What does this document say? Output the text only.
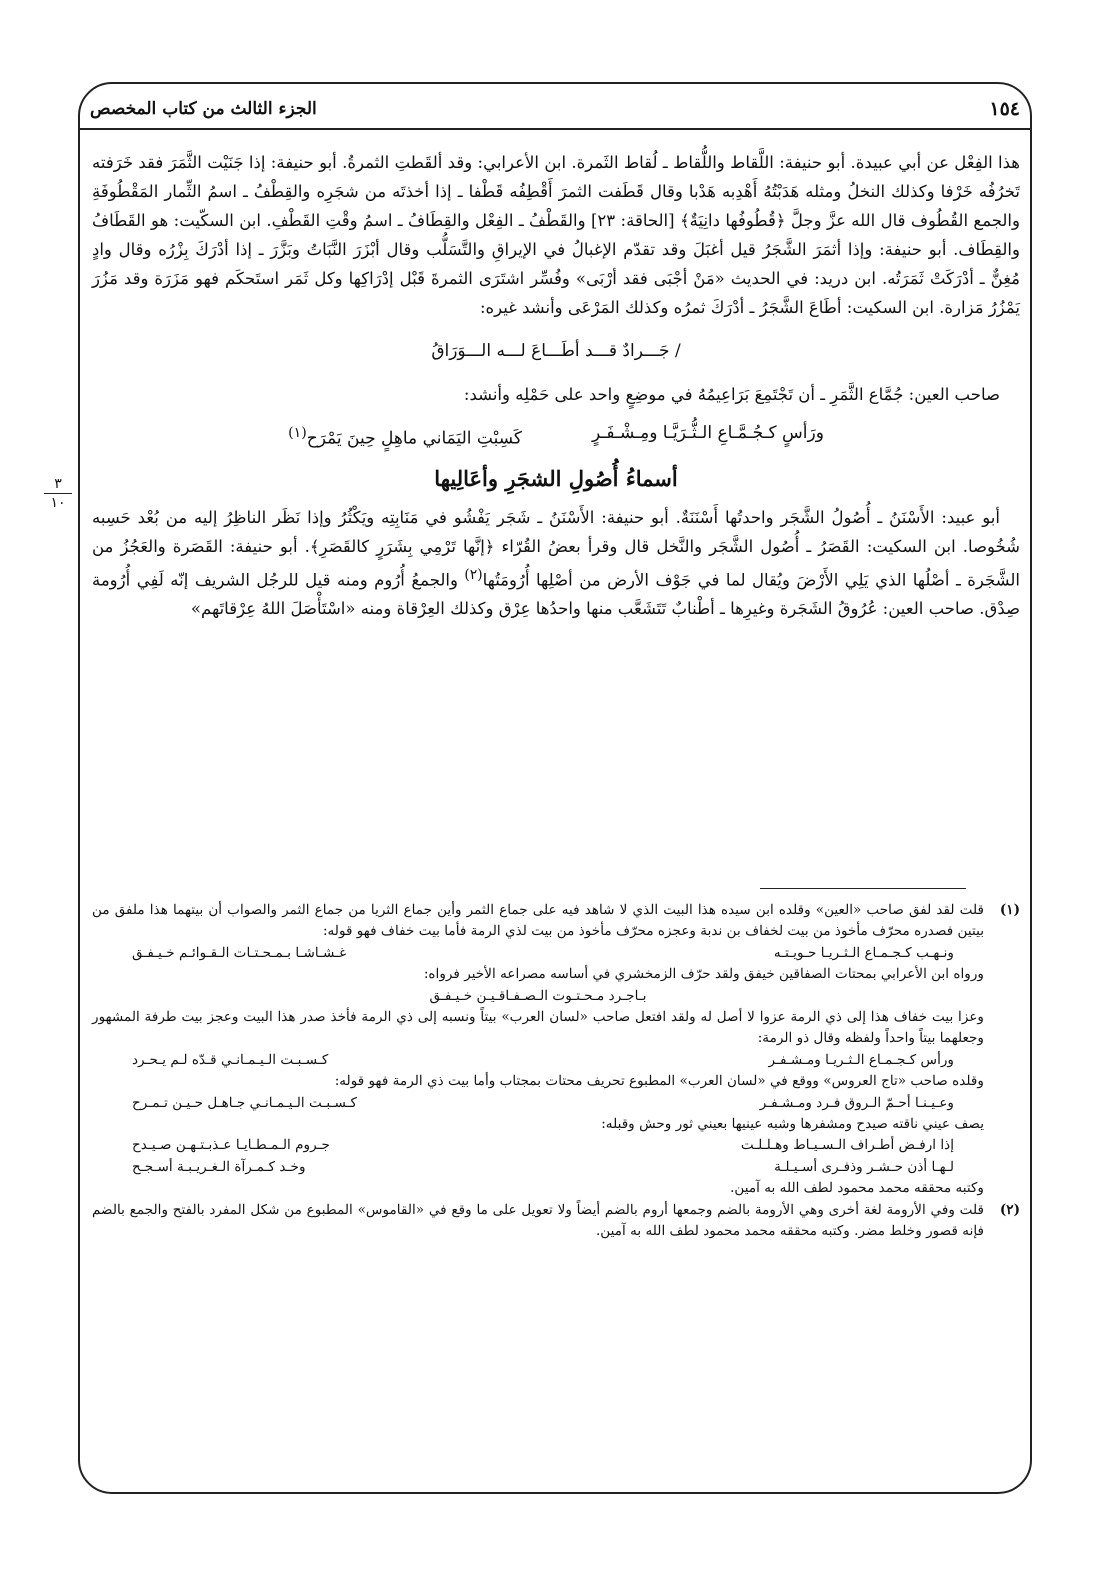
١٥٤
الجزء الثالث من كتاب المخصص
٣
١٠

هذا الفِعْل عن أبي عبيدة. أبو حنيفة: اللَّقاط واللُّقاط ـ لُقاط الثَمرة. ابن الأعرابي: وقد ألقَطتِ الثمرةُ. أبو حنيفة: إذا جَنَيْت الثَّمَرَ فقد خَرَفته تَخرُفُه خَرْفا وكذلك النخلُ ومثله هَدَبْتُهُ أَهْدِبه هَدْبا وقال قَطَفت الثمرَ أَقْطِفُه قَطْفا ـ إذا أخذتَه من شجَرِه والقِطْفُ ـ اسمُ الثِّمار المَقْطُوفَةِ والجمع القُطُوف قال الله عزَّ وجلَّ ﴿قُطُوفُها دانِيَةٌ﴾ [الحاقة: ٢٣] والقَطْفُ ـ الفِعْل والقِطَافُ ـ اسمُ وقْتِ القَطْفِ. ابن السكّيت: هو القَطَافُ والقِطَاف. أبو حنيفة: وإذا أثمَرَ الشَّجَرُ قيل أغبَلَ وقد تقدّم الإغبالُ في الإيراقِ والتَّسَلُّب وقال أبْزَرَ النَّبَاتُ وبَزَّرَ ـ إذا أدْرَكَ بِزْرُه وقال وادٍ مُغِنٌّ ـ أدْرَكَتْ ثَمَرَتُه. ابن دريد: في الحديث «مَنْ أجْبَى فقد أرْبَى» وفُسِّر اشتَرَى الثمرةَ قَبْل إدْرَاكِها وكل ثَمَر استَحكَم فهو مَزَرَة وقد مَزُرَ يَمْزُرُ مَزارة. ابن السكيت: أطَاعَ الشَّجَرُ ـ أدْرَكَ ثمرُه وكذلك المَرْعَى وأنشد غيره:

/ جَـــرادٌ قـــد أطَـــاعَ لـــه الـــوَرَاقُ

صاحب العين: جُمَّاع الثَّمَرِ ـ أن تَجْتَمِعَ بَرَاعِيمُهُ في موضِعٍ واحد على حَمْلِه وأنشد:

ورَأسٍ كـجُـمَّـاعِ الـثُّـرَيَّـا ومِـشْـفَـرٍ
كَسِبْتِ اليَمَاني ماهِلٍ حِينَ يَمْرَح$^{(١)}$
أسماءُ أُصُولِ الشجَرِ وأعَالِيها

أبو عبيد: الأَسْنَنُ ـ أُصُولُ الشَّجَر واحدتُها أَسْنَنَةٌ. أبو حنيفة: الأَسْنَنُ ـ شَجَر يَفْشُو في مَنَابِتِه ويَكْثُرُ وإذا نَظَر الناظِرُ إليه من بُعْد حَسِبه شُخُوصا. ابن السكيت: القَصَرُ ـ أُصُول الشَّجَر والنَّخل قال وقرأ بعضُ القُرّاء ﴿إنَّها تَرْمِي بِشَرَرٍ كالقَصَرِ﴾. أبو حنيفة: القَصَرة والعَجُزُ من الشَّجَرة ـ أصْلُها الذي يَلِي الأَرْضَ ويُقال لما في جَوْف الأرض من أصْلِها أُرُومَتُها$^{(٢)}$ والجمعُ أُرُوم ومنه قيل للرجُل الشريف إنّه لَفِي أُرُومة صِدْق. صاحب العين: عُرُوقُ الشَجَرة وغيرِها ـ أطْنابٌ تَتَشَعَّب منها واحدُها عِرْق وكذلك العِرْقاة ومنه «اسْتَأْصَلَ اللهُ عِرْقاتَهم»

(١)

قلت لقد لفق صاحب «العين» وقلده ابن سيده هذا البيت الذي لا شاهد فيه على جماع الثمر وأين جماع الثريا من جماع الثمر والصواب أن بيتهما هذا ملفق من بيتين فصدره محرّف مأخوذ من بيت لخفاف بن ندبة وعجزه محرّف مأخوذ من بيت لذي الرمة فأما بيت خفاف فهو قوله:

ونـهـب كـجـمـاع الـثـريـا حـويـتـه
غـشـاشـا بـمـحـتـات الـقـوائـم خـيـفـق

ورواه ابن الأعرابي بمحتات الصفاقين خيفق ولقد حرّف الزمخشري في أساسه مصراعه الأخير فرواه:

بـاجـرد مـحـتـوت الـصـفـاقـيـن خـيـفـق

وعزا بيت خفاف هذا إلى ذي الرمة عزوا لا أصل له ولقد افتعل صاحب «لسان العرب» بيتاً ونسبه إلى ذي الرمة فأخذ صدر هذا البيت وعجز بيت طرفة المشهور وجعلهما بيتاً واحداً ولفظه وقال ذو الرمة:

ورأس كـجـمـاع الـثـريـا ومـشـفـر
كـسـبـت الـيـمـانـي قـدّه لـم يـحـرد

وقلده صاحب «تاج العروس» ووقع في «لسان العرب» المطبوع تحريف محتات بمجتاب وأما بيت ذي الرمة فهو قوله:

وعـيـنـا أحـمّ الـروق فـرد ومـشـفـر
كـسـبـت الـيـمـانـي جـاهـل حـيـن تـمـرح

يصف عيني ناقته صيدح ومشفرها وشبه عينيها بعيني ثور وحش وقبله:

إذا ارفـض أطـراف الـسـيـاط وهـلـلـت
جـروم الـمـطـايـا عـذبـتـهـن صـيـدح
لـهـا أذن حـشـر وذفـرى أسـيـلـة
وخـد كـمـرآة الـغـريـبـة أسـجـح

وكتبه محققه محمد محمود لطف الله به آمين.

(٢)

قلت وفي الأرومة لغة أخرى وهي الأرومة بالضم وجمعها أروم بالضم أيضاً ولا تعويل على ما وقع في «القاموس» المطبوع من شكل المفرد بالفتح والجمع بالضم فإنه قصور وخلط مضر. وكتبه محققه محمد محمود لطف الله به آمين.
